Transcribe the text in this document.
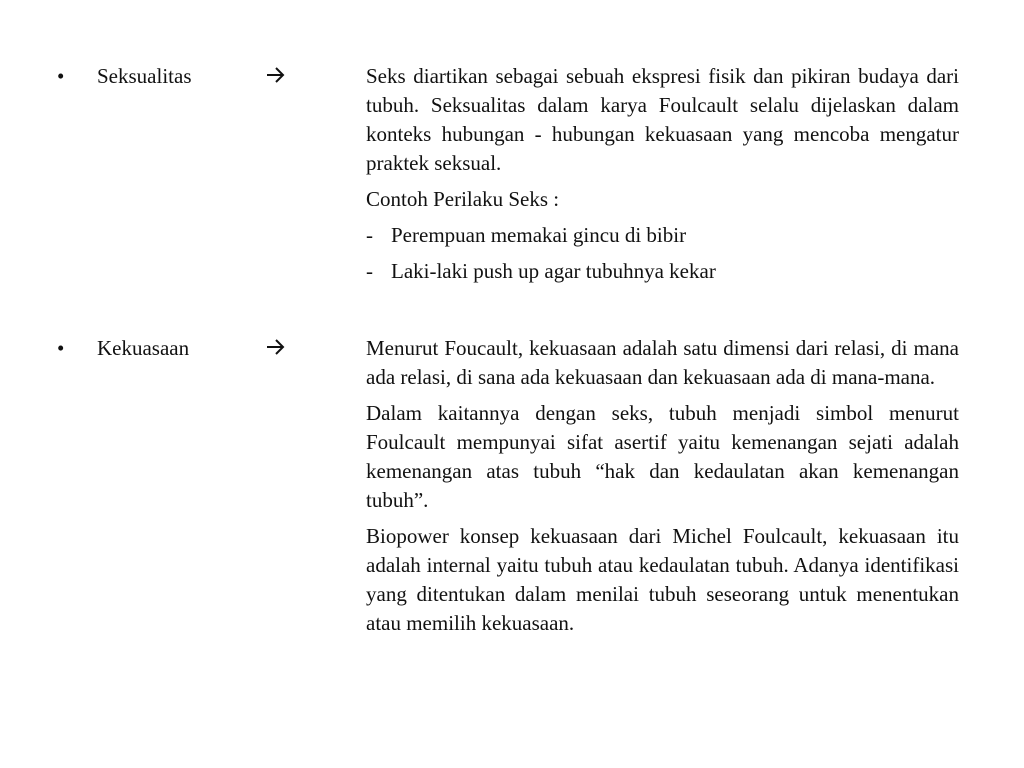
• Seksualitas	Seks diartikan sebagai sebuah ekspresi fisik dan pikiran budaya dari tubuh. Seksualitas dalam karya Foulcault selalu dijelaskan dalam konteks hubungan - hubungan kekuasaan yang mencoba mengatur praktek seksual.

Contoh Perilaku Seks :

- Perempuan memakai gincu di bibir
- Laki-laki push up agar tubuhnya kekar
• Kekuasaan	Menurut Foucault, kekuasaan adalah satu dimensi dari relasi, di mana ada relasi, di sana ada kekuasaan dan kekuasaan ada di mana-mana.

Dalam kaitannya dengan seks, tubuh menjadi simbol menurut Foulcault mempunyai sifat asertif yaitu kemenangan sejati adalah kemenangan atas tubuh “hak dan kedaulatan akan kemenangan tubuh”.

Biopower konsep kekuasaan dari Michel Foulcault, kekuasaan itu adalah internal yaitu tubuh atau kedaulatan tubuh. Adanya identifikasi yang ditentukan dalam menilai tubuh seseorang untuk menentukan atau memilih kekuasaan.
